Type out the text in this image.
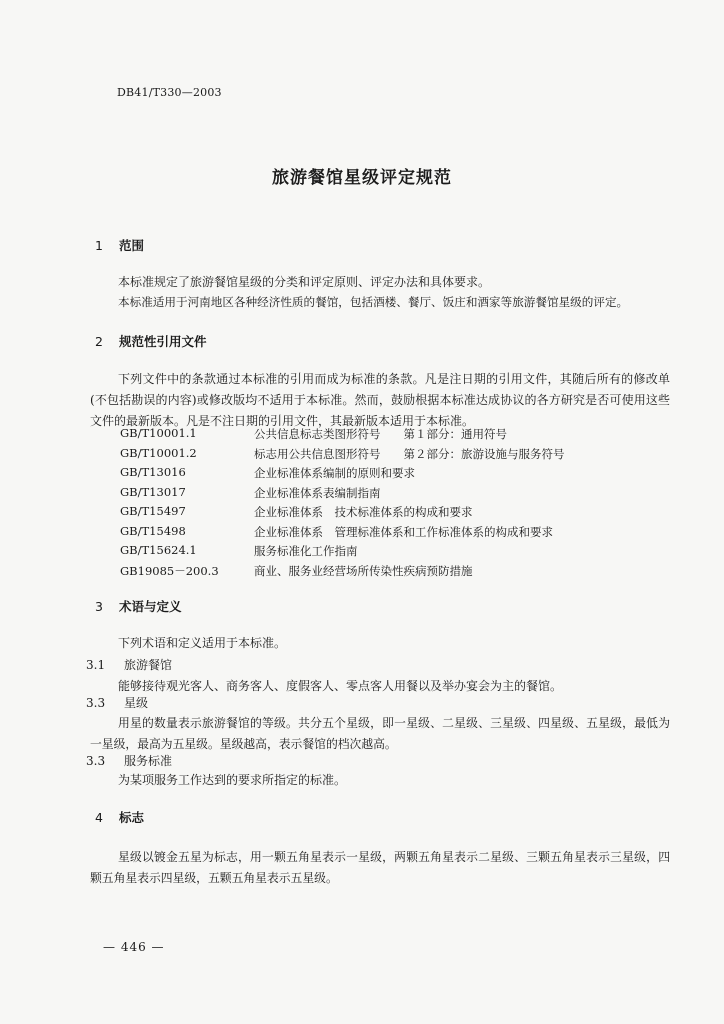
DB41/T330—2003
旅游餐馆星级评定规范
1 范围
本标准规定了旅游餐馆星级的分类和评定原则、评定办法和具体要求。
本标准适用于河南地区各种经济性质的餐馆，包括酒楼、餐厅、饭庄和酒家等旅游餐馆星级的评定。
2 规范性引用文件
下列文件中的条款通过本标准的引用而成为标准的条款。凡是注日期的引用文件，其随后所有的修改单(不包括勘误的内容)或修改版均不适用于本标准。然而，鼓励根据本标准达成协议的各方研究是否可使用这些文件的最新版本。凡是不注日期的引用文件，其最新版本适用于本标准。
GB/T10001.1	公共信息标志类图形符号　　第１部分：通用符号
GB/T10001.2	标志用公共信息图形符号　　第２部分：旅游设施与服务符号
GB/T13016	企业标准体系编制的原则和要求
GB/T13017	企业标准体系表编制指南
GB/T15497	企业标准体系　技术标准体系的构成和要求
GB/T15498	企业标准体系　管理标准体系和工作标准体系的构成和要求
GB/T15624.1	服务标准化工作指南
GB19085－200.3	商业、服务业经营场所传染性疾病预防措施
3 术语与定义
下列术语和定义适用于本标准。
3.1 旅游餐馆
能够接待观光客人、商务客人、度假客人、零点客人用餐以及举办宴会为主的餐馆。
3.3 星级
用星的数量表示旅游餐馆的等级。共分五个星级，即一星级、二星级、三星级、四星级、五星级，最低为一星级，最高为五星级。星级越高，表示餐馆的档次越高。
3.3 服务标准
为某项服务工作达到的要求所指定的标准。
4 标志
星级以镀金五星为标志，用一颗五角星表示一星级，两颗五角星表示二星级、三颗五角星表示三星级，四颗五角星表示四星级，五颗五角星表示五星级。
— 446 —
